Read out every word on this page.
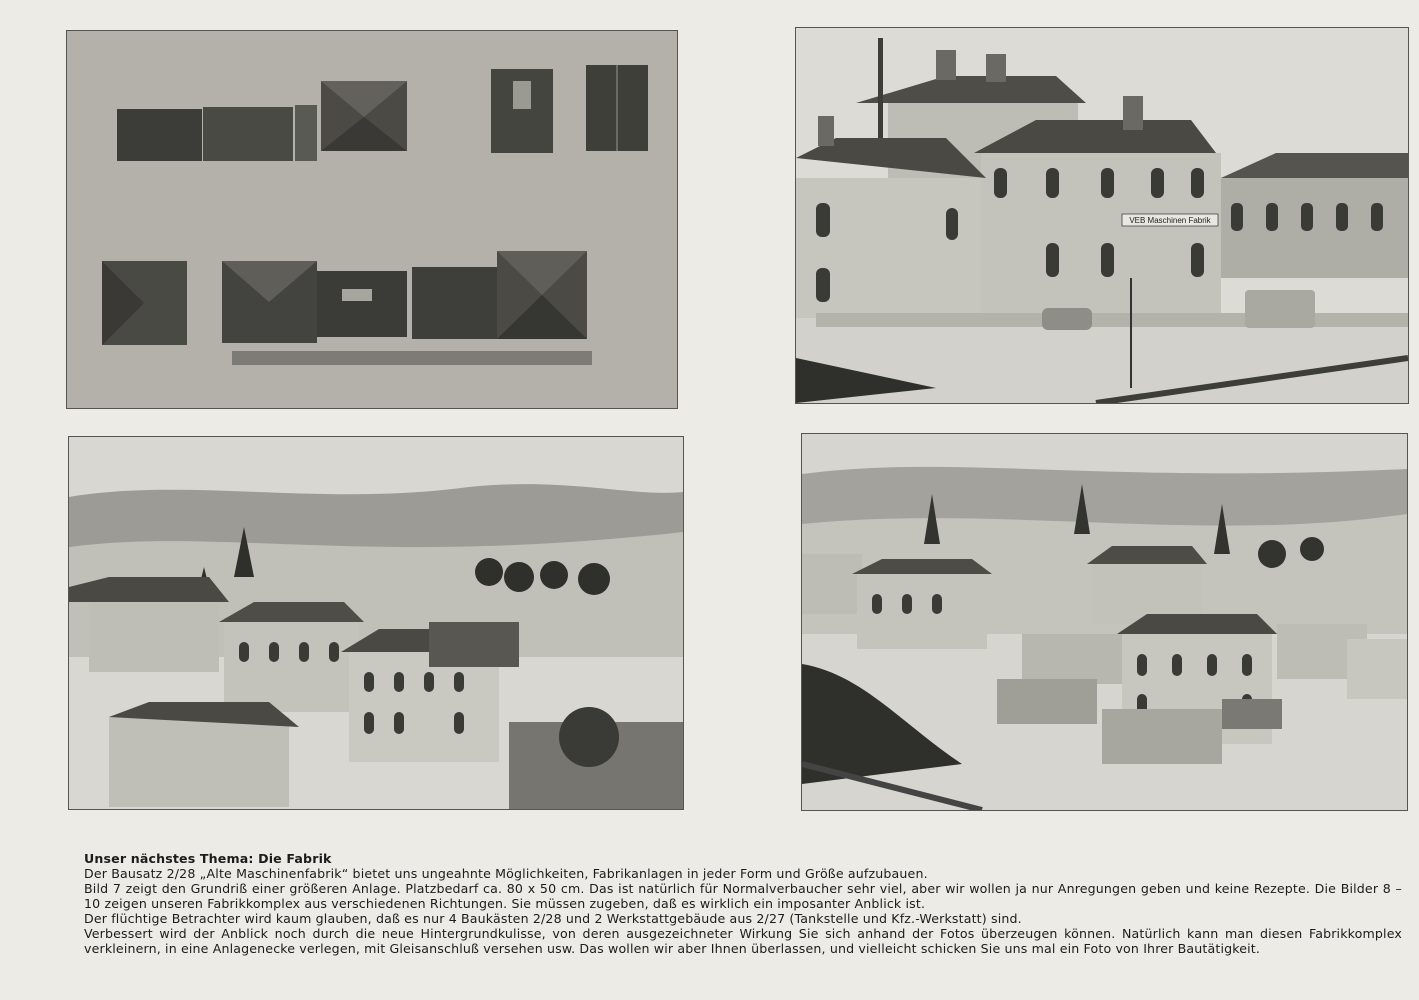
VEB Maschinen Fabrik

Unser nächstes Thema: Die Fabrik

Der Bausatz 2/28 „Alte Maschinenfabrik“ bietet uns ungeahnte Möglichkeiten, Fabrikanlagen in jeder Form und Größe aufzubauen.

Bild 7 zeigt den Grundriß einer größeren Anlage. Platzbedarf ca. 80 x 50 cm. Das ist natürlich für Normalverbaucher sehr viel, aber wir wollen ja nur Anregungen geben und keine Rezepte. Die Bilder 8 – 10 zeigen unseren Fabrikkomplex aus verschiedenen Richtungen. Sie müssen zugeben, daß es wirklich ein imposanter Anblick ist.

Der flüchtige Betrachter wird kaum glauben, daß es nur 4 Baukästen 2/28 und 2 Werkstattgebäude aus 2/27 (Tankstelle und Kfz.-Werkstatt) sind.

Verbessert wird der Anblick noch durch die neue Hintergrundkulisse, von deren ausgezeichneter Wirkung Sie sich anhand der Fotos überzeugen können. Natürlich kann man diesen Fabrikkomplex verkleinern, in eine Anlagenecke verlegen, mit Gleisanschluß versehen usw. Das wollen wir aber Ihnen überlassen, und vielleicht schicken Sie uns mal ein Foto von Ihrer Bautätigkeit.
